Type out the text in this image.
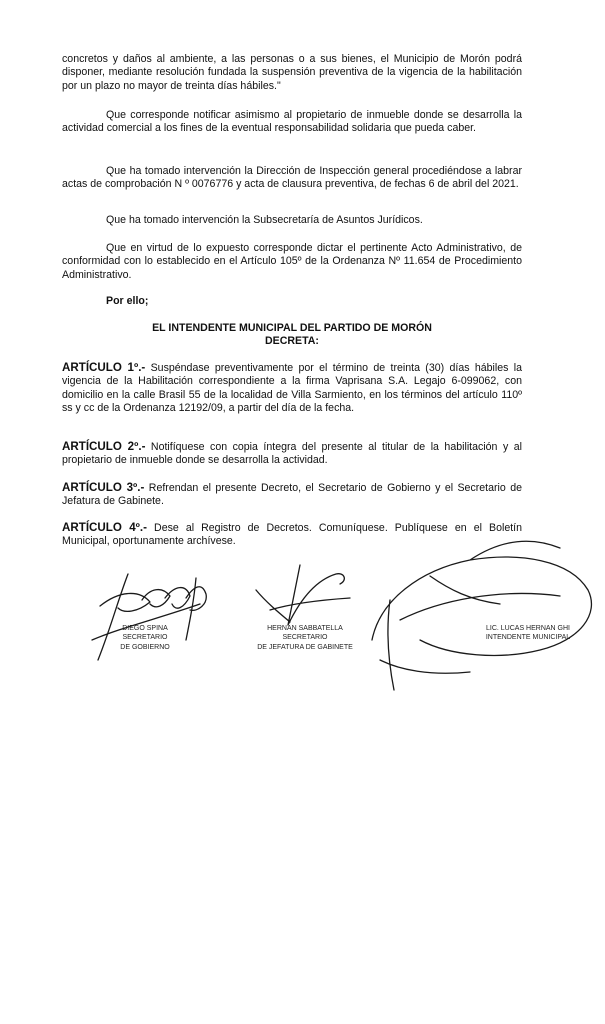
concretos y daños al ambiente, a las personas o a sus bienes, el Municipio de Morón podrá disponer, mediante resolución fundada la suspensión preventiva de la vigencia de la habilitación por un plazo no mayor de treinta días hábiles."

Que corresponde notificar asimismo al propietario de inmueble donde se desarrolla la actividad comercial a los fines de la eventual responsabilidad solidaria que pueda caber.

Que ha tomado intervención la Dirección de Inspección general procediéndose a labrar actas de comprobación N º 0076776 y acta de clausura preventiva, de fechas 6 de abril del 2021.

Que ha tomado intervención la Subsecretaría de Asuntos Jurídicos.

Que en virtud de lo expuesto corresponde dictar el pertinente Acto Administrativo, de conformidad con lo establecido en el Artículo 105º de la Ordenanza Nº 11.654 de Procedimiento Administrativo.

Por ello;

EL INTENDENTE MUNICIPAL DEL PARTIDO DE MORÓN

DECRETA:

ARTÍCULO 1º.- Suspéndase preventivamente por el término de treinta (30) días hábiles la vigencia de la Habilitación correspondiente a la firma Vaprisana S.A. Legajo 6-099062, con domicilio en la calle Brasil 55 de la localidad de Villa Sarmiento, en los términos del artículo 110º ss y cc de la Ordenanza 12192/09, a partir del día de la fecha.

ARTÍCULO 2º.- Notifíquese con copia íntegra del presente al titular de la habilitación y al propietario de inmueble donde se desarrolla la actividad.

ARTÍCULO 3º.- Refrendan el presente Decreto, el Secretario de Gobierno y el Secretario de Jefatura de Gabinete.

ARTÍCULO 4º.- Dese al Registro de Decretos. Comuníquese. Publíquese en el Boletín Municipal, oportunamente archívese.

DIEGO SPINA
SECRETARIO
DE GOBIERNO
HERNAN SABBATELLA
SECRETARIO
DE JEFATURA DE GABINETE
LIC. LUCAS HERNAN GHI
INTENDENTE MUNICIPAL
